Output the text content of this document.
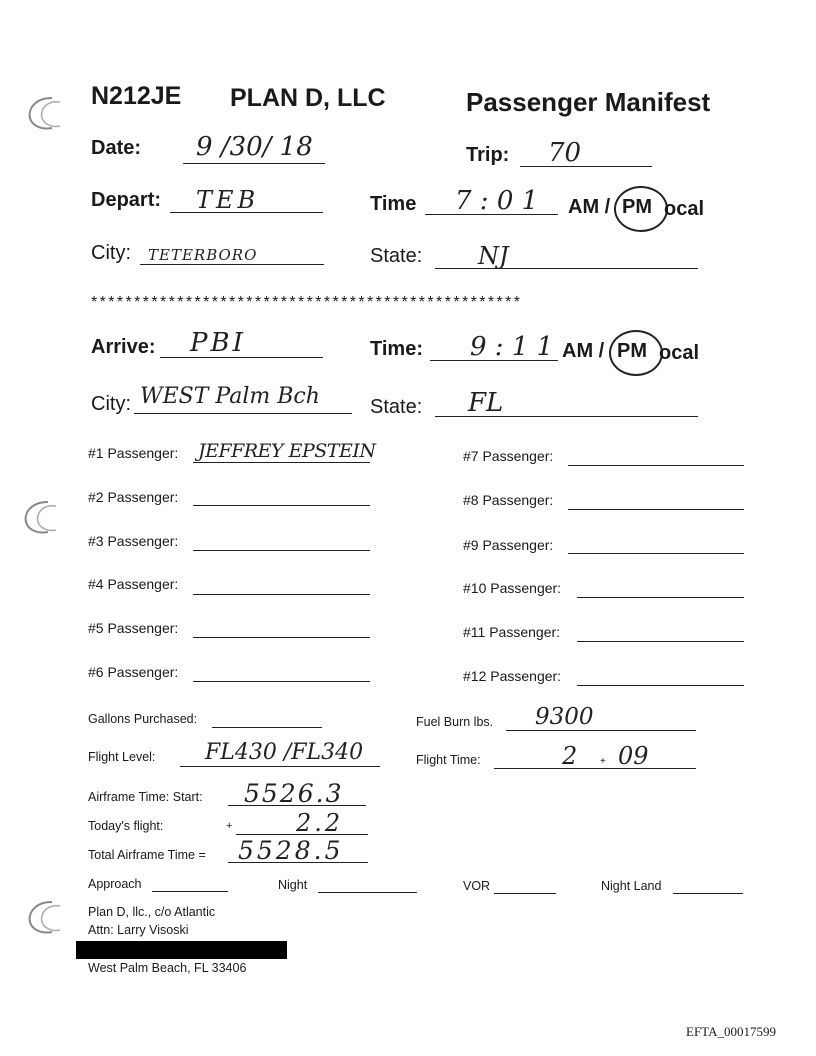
N212JE PLAN D, LLC	Passenger Manifest
Date: 9 /30/ 18	Trip: 70
Depart: TEB	Time 7 : 0 1 AM / PM ocal
City: TETERBORO	State: NJ
**************************************************
Arrive: PBI	Time: 9 : 1 1 AM / PM ocal
City: WEST Palm Bch	State: FL
#1 Passenger: JEFFREY EPSTEIN
#2 Passenger:
#3 Passenger:
#4 Passenger:
#5 Passenger:
#6 Passenger:
#7 Passenger:
#8 Passenger:
#9 Passenger:
#10 Passenger:
#11 Passenger:
#12 Passenger:
Gallons Purchased:	Fuel Burn lbs. 9300
Flight Level: FL430 /FL340	Flight Time:	2 + 09
Airframe Time: Start: 5526.3
Today's flight:	+	2.2
Total Airframe Time = 5528.5
Approach	Night	VOR	Night Land
Plan D, llc., c/o Atlantic
Attn: Larry Visoski
West Palm Beach, FL 33406
EFTA_00017599
